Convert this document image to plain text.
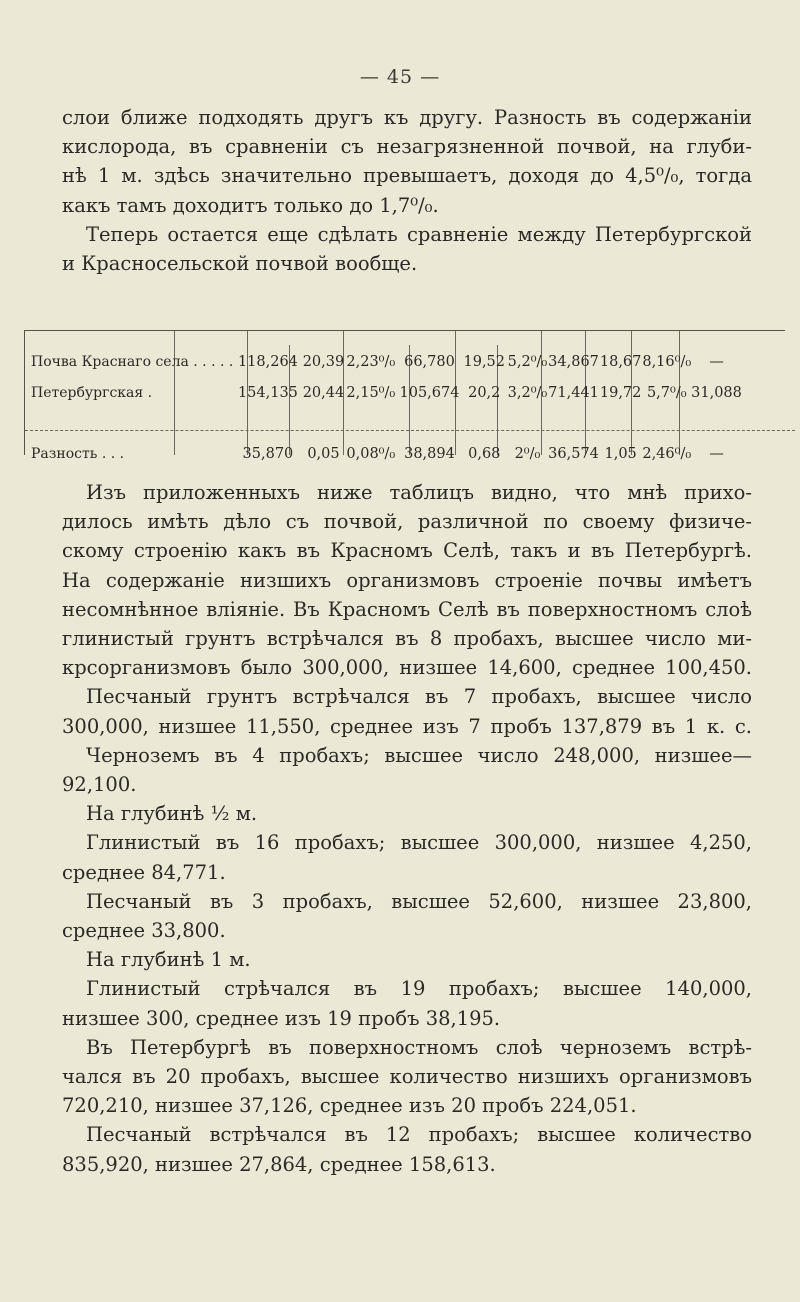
— 45 —
слои ближе подходять другъ къ другу. Разность въ содержаніи
кислорода, въ сравненіи съ незагрязненной почвой, на глуби-
нѣ 1 м. здѣсь значительно превышаетъ, доходя до 4,5⁰/₀, тогда
какъ тамъ доходитъ только до 1,7⁰/₀.
Теперь остается еще сдѣлать сравненіе между Петербургской
и Красносельской почвой вообще.
Почва Краснаго села . . . . .	118,264	20,39	2,23⁰/₀	66,780	19,52	5,2⁰/₀	34,867	18,67	8,16⁰/₀	—
Петербургская .	154,135	20,44	2,15⁰/₀	105,674	20,2	3,2⁰/₀	71,441	19,72	5,7⁰/₀	31,088
Разность . . .	35,870	0,05	0,08⁰/₀	38,894	0,68	2⁰/₀	36,574	1,05	2,46⁰/₀	—
Изъ приложенныхъ ниже таблицъ видно, что мнѣ прихо-
дилось имѣть дѣло съ почвой, различной по своему физиче-
скому строенію какъ въ Красномъ Селѣ, такъ и въ Петербургѣ.
На содержаніе низшихъ организмовъ строеніе почвы имѣетъ
несомнѣнное вліяніе. Въ Красномъ Селѣ въ поверхностномъ слоѣ
глинистый грунтъ встрѣчался въ 8 пробахъ, высшее число ми-
крсорганизмовъ было 300,000, низшее 14,600, среднее 100,450.
Песчаный грунтъ встрѣчался въ 7 пробахъ, высшее число
300,000, низшее 11,550, среднее изъ 7 пробъ 137,879 въ 1 к. с.
Черноземъ въ 4 пробахъ; высшее число 248,000, низшее—
92,100.
На глубинѣ ½ м.
Глинистый въ 16 пробахъ; высшее 300,000, низшее 4,250,
среднее 84,771.
Песчаный въ 3 пробахъ, высшее 52,600, низшее 23,800,
среднее 33,800.
На глубинѣ 1 м.
Глинистый стрѣчался въ 19 пробахъ; высшее 140,000,
низшее 300, среднее изъ 19 пробъ 38,195.
Въ Петербургѣ въ поверхностномъ слоѣ черноземъ встрѣ-
чался въ 20 пробахъ, высшее количество низшихъ организмовъ
720,210, низшее 37,126, среднее изъ 20 пробъ 224,051.
Песчаный встрѣчался въ 12 пробахъ; высшее количество
835,920, низшее 27,864, среднее 158,613.
